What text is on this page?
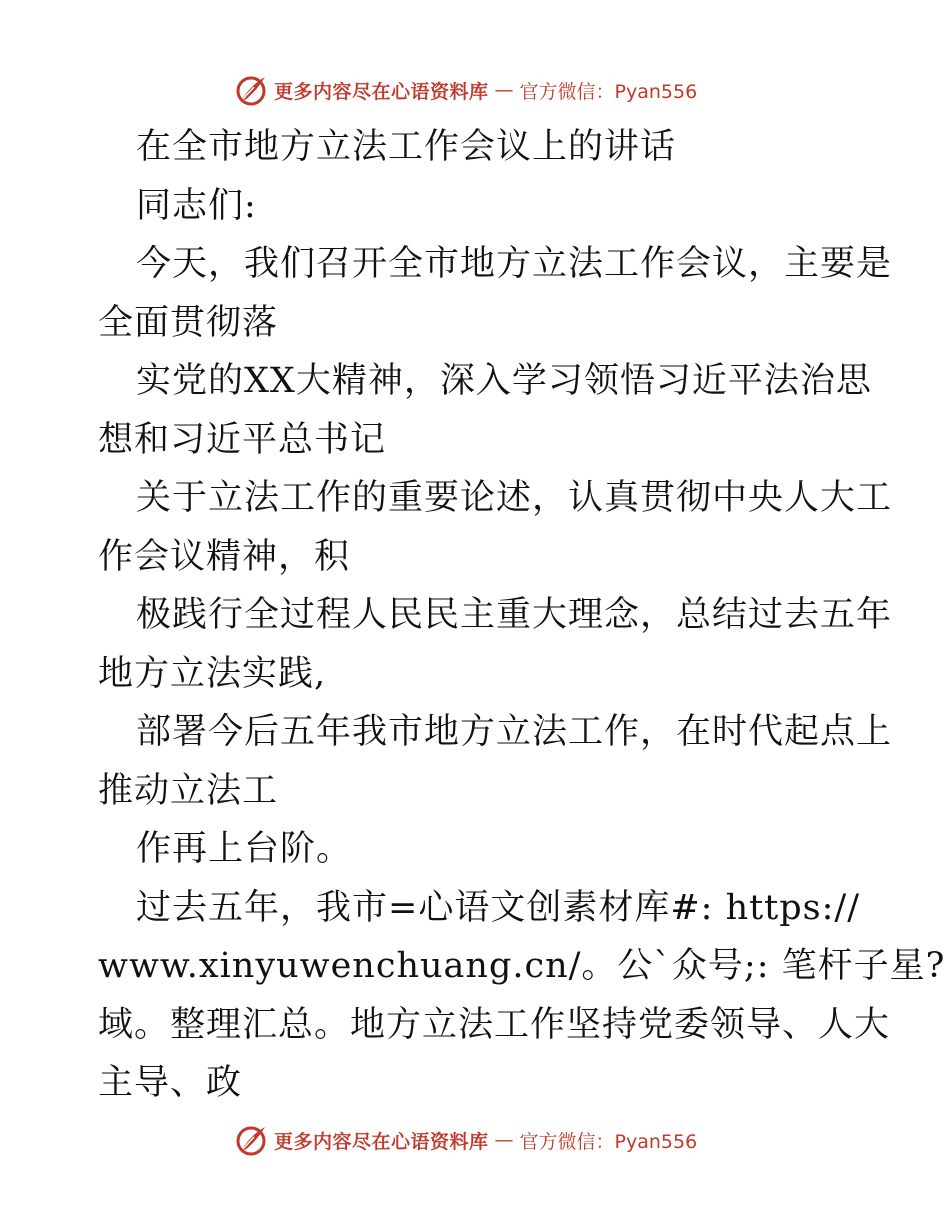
更多内容尽在心语资料库 — 官方微信：Pyan556
在全市地方立法工作会议上的讲话
同志们:
今天，我们召开全市地方立法工作会议，主要是
全面贯彻落
实党的XX大精神，深入学习领悟习近平法治思
想和习近平总书记
关于立法工作的重要论述，认真贯彻中央人大工
作会议精神，积
极践行全过程人民民主重大理念，总结过去五年
地方立法实践,
部署今后五年我市地方立法工作，在时代起点上
推动立法工
作再上台阶。
过去五年，我市=心语文创素材库#: https://
www.xinyuwenchuang.cn/。公`众号;: 笔杆子星?
域。整理汇总。地方立法工作坚持党委领导、人大
主导、政
更多内容尽在心语资料库 — 官方微信：Pyan556
